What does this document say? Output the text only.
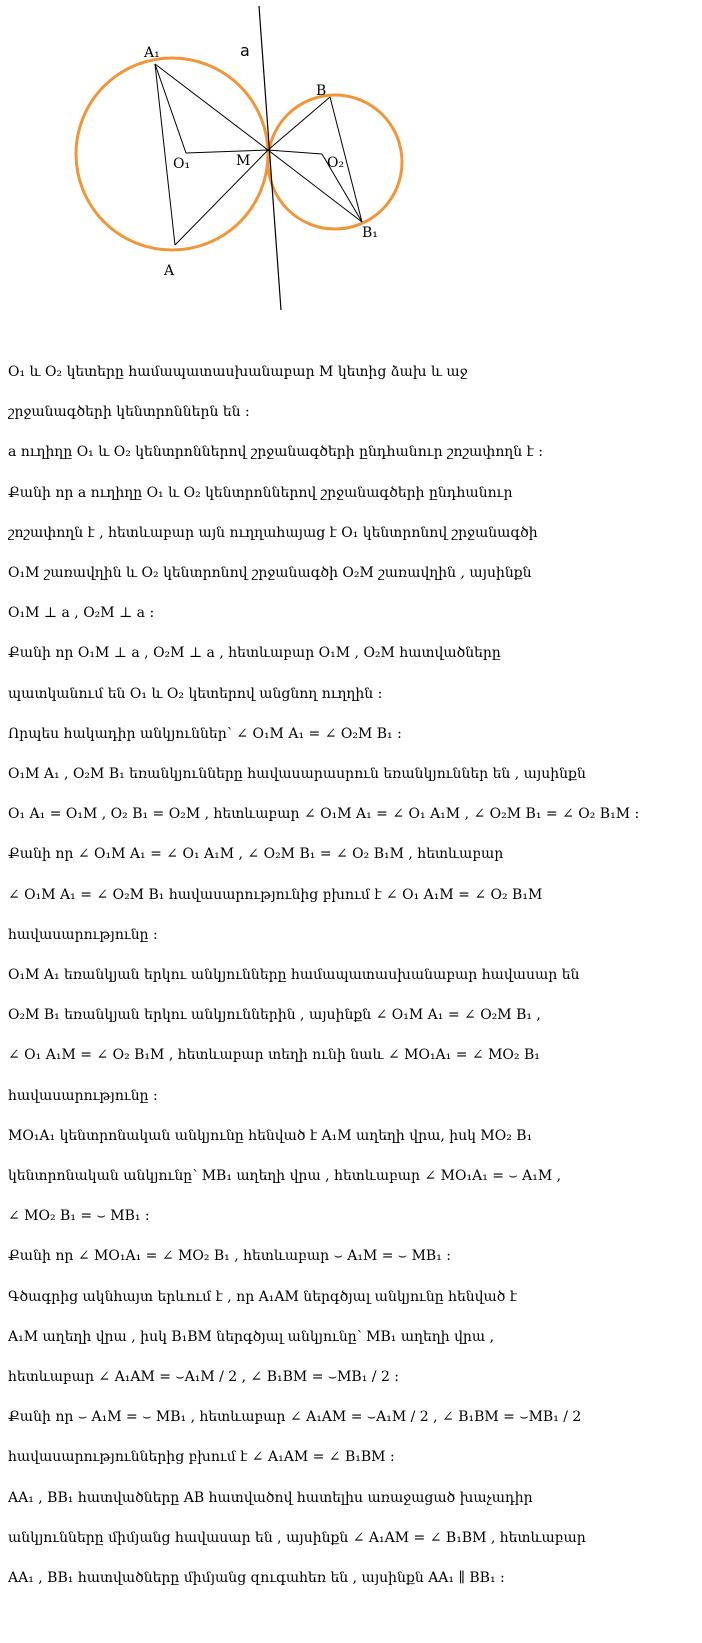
A₁	a
B
O₁	M	O₂
B₁
A
O₁ և O₂ կետերը համապատասխանաբար M կետից ձախ և աջ
շրջանագծերի կենտրոններն են :
a ուղիղը O₁ և O₂ կենտրոններով շրջանագծերի ընդհանուր շոշափողն է :
Քանի որ a ուղիղը O₁ և O₂ կենտրոններով շրջանագծերի ընդհանուր
շոշափողն է , հետևաբար այն ուղղահայաց է O₁ կենտրոնով շրջանագծի
O₁M շառավղին և O₂ կենտրոնով շրջանագծի O₂M շառավղին , այսինքն
O₁M ⊥ a , O₂M ⊥ a :
Քանի որ O₁M ⊥ a , O₂M ⊥ a , հետևաբար O₁M , O₂M հատվածները
պատկանում են O₁ և O₂ կետերով անցնող ուղղին :
Որպես հակադիր անկյուններ՝ ∠ O₁M A₁ = ∠ O₂M B₁ :
O₁M A₁ , O₂M B₁ եռանկյունները հավասարասրուն եռանկյուններ են , այսինքն
O₁ A₁ = O₁M , O₂ B₁ = O₂M , հետևաբար ∠ O₁M A₁ = ∠ O₁ A₁M , ∠ O₂M B₁ = ∠ O₂ B₁M :
Քանի որ ∠ O₁M A₁ = ∠ O₁ A₁M , ∠ O₂M B₁ = ∠ O₂ B₁M , հետևաբար
∠ O₁M A₁ = ∠ O₂M B₁ հավասարությունից բխում է ∠ O₁ A₁M = ∠ O₂ B₁M
հավասարությունը :
O₁M A₁ եռանկյան երկու անկյունները համապատասխանաբար հավասար են
O₂M B₁ եռանկյան երկու անկյուններին , այսինքն ∠ O₁M A₁ = ∠ O₂M B₁ ,
∠ O₁ A₁M = ∠ O₂ B₁M , հետևաբար տեղի ունի նաև ∠ MO₁A₁ = ∠ MO₂ B₁
հավասարությունը :
MO₁A₁ կենտրոնական անկյունը հենված է A₁M աղեղի վրա, իսկ MO₂ B₁
կենտրոնական անկյունը՝ MB₁ աղեղի վրա , հետևաբար ∠ MO₁A₁ = ⌣ A₁M ,
∠ MO₂ B₁ = ⌣ MB₁ :
Քանի որ ∠ MO₁A₁ = ∠ MO₂ B₁ , հետևաբար ⌣ A₁M = ⌣ MB₁ :
Գծագրից ակնհայտ երևում է , որ A₁AM ներգծյալ անկյունը հենված է
A₁M աղեղի վրա , իսկ B₁BM ներգծյալ անկյունը՝ MB₁ աղեղի վրա ,
հետևաբար ∠ A₁AM = ⌣A₁M / 2 , ∠ B₁BM = ⌣MB₁ / 2 :
Քանի որ ⌣ A₁M = ⌣ MB₁ , հետևաբար ∠ A₁AM = ⌣A₁M / 2 , ∠ B₁BM = ⌣MB₁ / 2
հավասարություններից բխում է ∠ A₁AM = ∠ B₁BM :
AA₁ , BB₁ հատվածները AB հատվածով հատելիս առաջացած խաչադիր
անկյունները միմյանց հավասար են , այսինքն ∠ A₁AM = ∠ B₁BM , հետևաբար
AA₁ , BB₁ հատվածները միմյանց զուգահեռ են , այսինքն AA₁ ∥ BB₁ :
